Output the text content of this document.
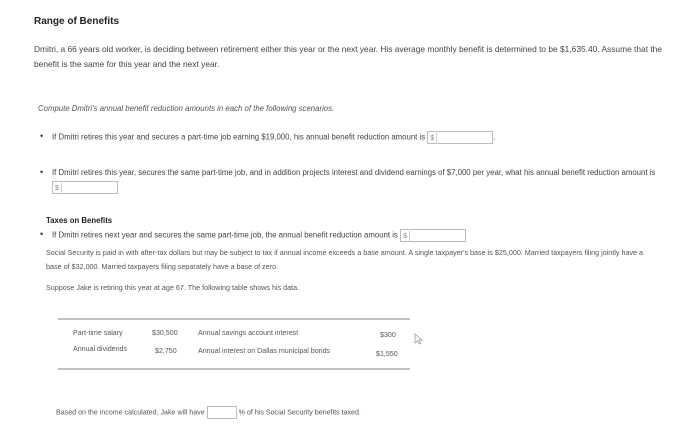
Range of Benefits
Dmitri, a 66 years old worker, is deciding between retirement either this year or the next year. His average monthly benefit is determined to be $1,635.40. Assume that the benefit is the same for this year and the next year.
Compute Dmitri's annual benefit reduction amounts in each of the following scenarios.
• If Dmitri retires this year and secures a part-time job earning $19,000, his annual benefit reduction amount is $	.
• If Dmitri retires this year, secures the same part-time job, and in addition projects interest and dividend earnings of $7,000 per year, what his annual benefit reduction amount is $
• If Dmitri retires next year and secures the same part-time job, the annual benefit reduction amount is $
Taxes on Benefits
Social Security is paid in with after-tax dollars but may be subject to tax if annual income exceeds a base amount. A single taxpayer's base is $25,000. Married taxpayers filing jointly have a base of $32,000. Married taxpayers filing separately have a base of zero.
Suppose Jake is retiring this year at age 67. The following table shows his data.
Part-time salary	$30,500	Annual savings account interest	$300
Annual dividends	$2,750	Annual interest on Dallas municipal bonds	$1,550
Based on the income calculated, Jake will have	% of his Social Security benefits taxed.
